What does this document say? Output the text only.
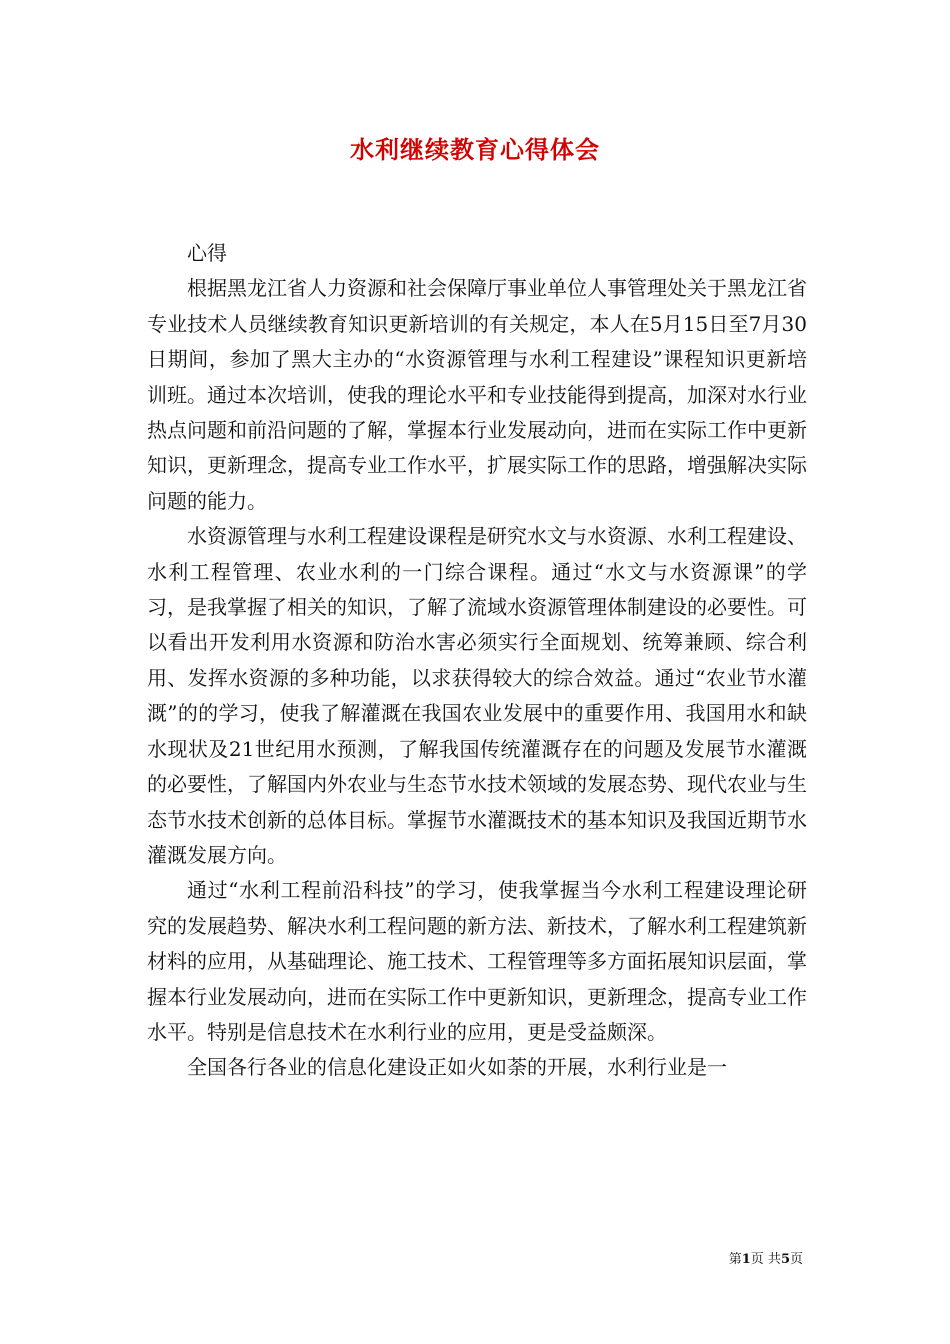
水利继续教育心得体会

心得

根据黑龙江省人力资源和社会保障厅事业单位人事管理处关于黑龙江省专业技术人员继续教育知识更新培训的有关规定，本人在5月15日至7月30日期间，参加了黑大主办的“水资源管理与水利工程建设”课程知识更新培训班。通过本次培训，使我的理论水平和专业技能得到提高，加深对水行业热点问题和前沿问题的了解，掌握本行业发展动向，进而在实际工作中更新知识，更新理念，提高专业工作水平，扩展实际工作的思路，增强解决实际问题的能力。

水资源管理与水利工程建设课程是研究水文与水资源、水利工程建设、水利工程管理、农业水利的一门综合课程。通过“水文与水资源课”的学习，是我掌握了相关的知识，了解了流域水资源管理体制建设的必要性。可以看出开发利用水资源和防治水害必须实行全面规划、统筹兼顾、综合利用、发挥水资源的多种功能，以求获得较大的综合效益。通过“农业节水灌溉”的的学习，使我了解灌溉在我国农业发展中的重要作用、我国用水和缺水现状及21世纪用水预测，了解我国传统灌溉存在的问题及发展节水灌溉的必要性，了解国内外农业与生态节水技术领域的发展态势、现代农业与生态节水技术创新的总体目标。掌握节水灌溉技术的基本知识及我国近期节水灌溉发展方向。

通过“水利工程前沿科技”的学习，使我掌握当今水利工程建设理论研究的发展趋势、解决水利工程问题的新方法、新技术，了解水利工程建筑新材料的应用，从基础理论、施工技术、工程管理等多方面拓展知识层面，掌握本行业发展动向，进而在实际工作中更新知识，更新理念，提高专业工作水平。特别是信息技术在水利行业的应用，更是受益颇深。

全国各行各业的信息化建设正如火如荼的开展，水利行业是一

第1页 共5页
